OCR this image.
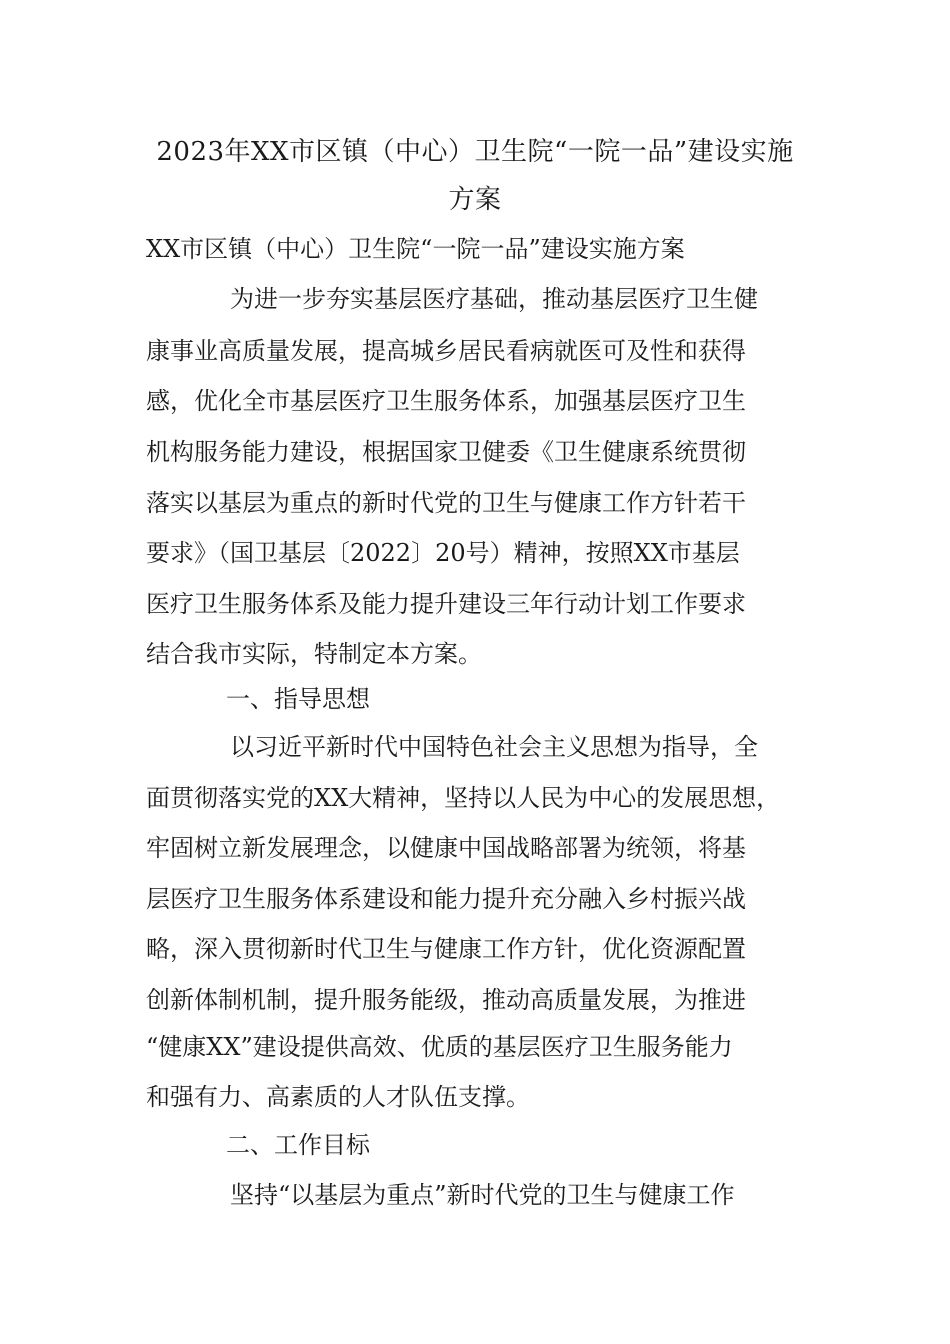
2023年XX市区镇（中心）卫生院“一院一品”建设实施
方案

XX市区镇（中心）卫生院“一院一品”建设实施方案

为进一步夯实基层医疗基础，推动基层医疗卫生健

康事业高质量发展，提高城乡居民看病就医可及性和获得

感，优化全市基层医疗卫生服务体系，加强基层医疗卫生

机构服务能力建设，根据国家卫健委《卫生健康系统贯彻

落实以基层为重点的新时代党的卫生与健康工作方针若干

要求》（国卫基层〔2022〕20号）精神，按照XX市基层

医疗卫生服务体系及能力提升建设三年行动计划工作要求

结合我市实际，特制定本方案。

一、指导思想

以习近平新时代中国特色社会主义思想为指导，全

面贯彻落实党的XX大精神，坚持以人民为中心的发展思想，

牢固树立新发展理念，以健康中国战略部署为统领，将基

层医疗卫生服务体系建设和能力提升充分融入乡村振兴战

略，深入贯彻新时代卫生与健康工作方针，优化资源配置

创新体制机制，提升服务能级，推动高质量发展，为推进

“健康XX”建设提供高效、优质的基层医疗卫生服务能力

和强有力、高素质的人才队伍支撑。

二、工作目标

坚持“以基层为重点”新时代党的卫生与健康工作
